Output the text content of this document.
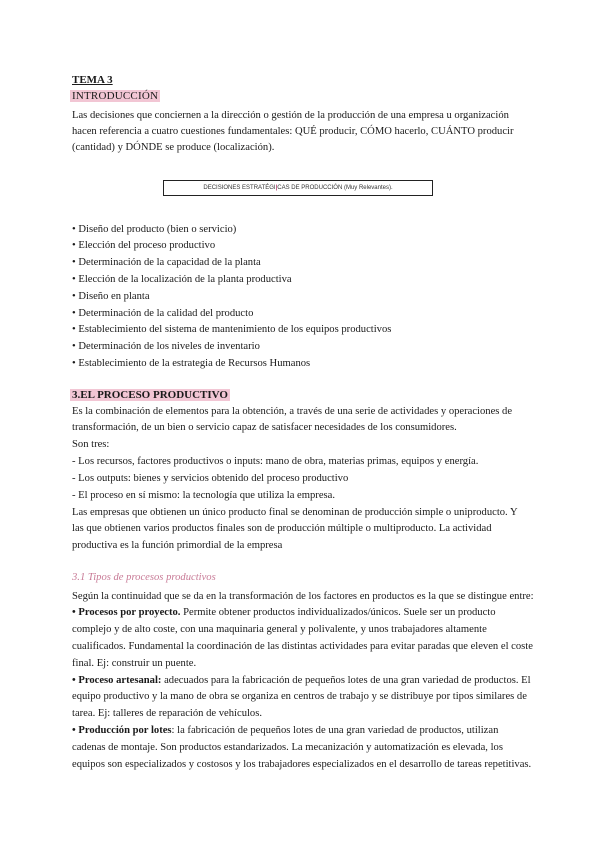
TEMA 3
INTRODUCCIÓN
Las decisiones que conciernen a la dirección o gestión de la producción de una empresa u organización
hacen referencia a cuatro cuestiones fundamentales: QUÉ producir, CÓMO hacerlo, CUÁNTO producir
(cantidad) y DÓNDE se produce (localización).
DECISIONES ESTRATÉGI|CAS DE PRODUCCIÓN (Muy Relevantes).
• Diseño del producto (bien o servicio)
• Elección del proceso productivo
• Determinación de la capacidad de la planta
• Elección de la localización de la planta productiva
• Diseño en planta
• Determinación de la calidad del producto
• Establecimiento del sistema de mantenimiento de los equipos productivos
• Determinación de los niveles de inventario
• Establecimiento de la estrategia de Recursos Humanos
3.EL PROCESO PRODUCTIVO
Es la combinación de elementos para la obtención, a través de una serie de actividades y operaciones de
transformación, de un bien o servicio capaz de satisfacer necesidades de los consumidores.
Son tres:
- Los recursos, factores productivos o inputs: mano de obra, materias primas, equipos y energía.
- Los outputs: bienes y servicios obtenido del proceso productivo
- El proceso en sí mismo: la tecnología que utiliza la empresa.
Las empresas que obtienen un único producto final se denominan de producción simple o uniproducto. Y
las que obtienen varios productos finales son de producción múltiple o multiproducto. La actividad
productiva es la función primordial de la empresa
3.1 Tipos de procesos productivos
Según la continuidad que se da en la transformación de los factores en productos es la que se distingue entre:
• Procesos por proyecto. Permite obtener productos individualizados/únicos. Suele ser un producto
complejo y de alto coste, con una maquinaria general y polivalente, y unos trabajadores altamente
cualificados. Fundamental la coordinación de las distintas actividades para evitar paradas que eleven el coste
final. Ej: construir un puente.
• Proceso artesanal: adecuados para la fabricación de pequeños lotes de una gran variedad de productos. El
equipo productivo y la mano de obra se organiza en centros de trabajo y se distribuye por tipos similares de
tarea. Ej: talleres de reparación de vehículos.
• Producción por lotes: la fabricación de pequeños lotes de una gran variedad de productos, utilizan
cadenas de montaje. Son productos estandarizados. La mecanización y automatización es elevada, los
equipos son especializados y costosos y los trabajadores especializados en el desarrollo de tareas repetitivas.
